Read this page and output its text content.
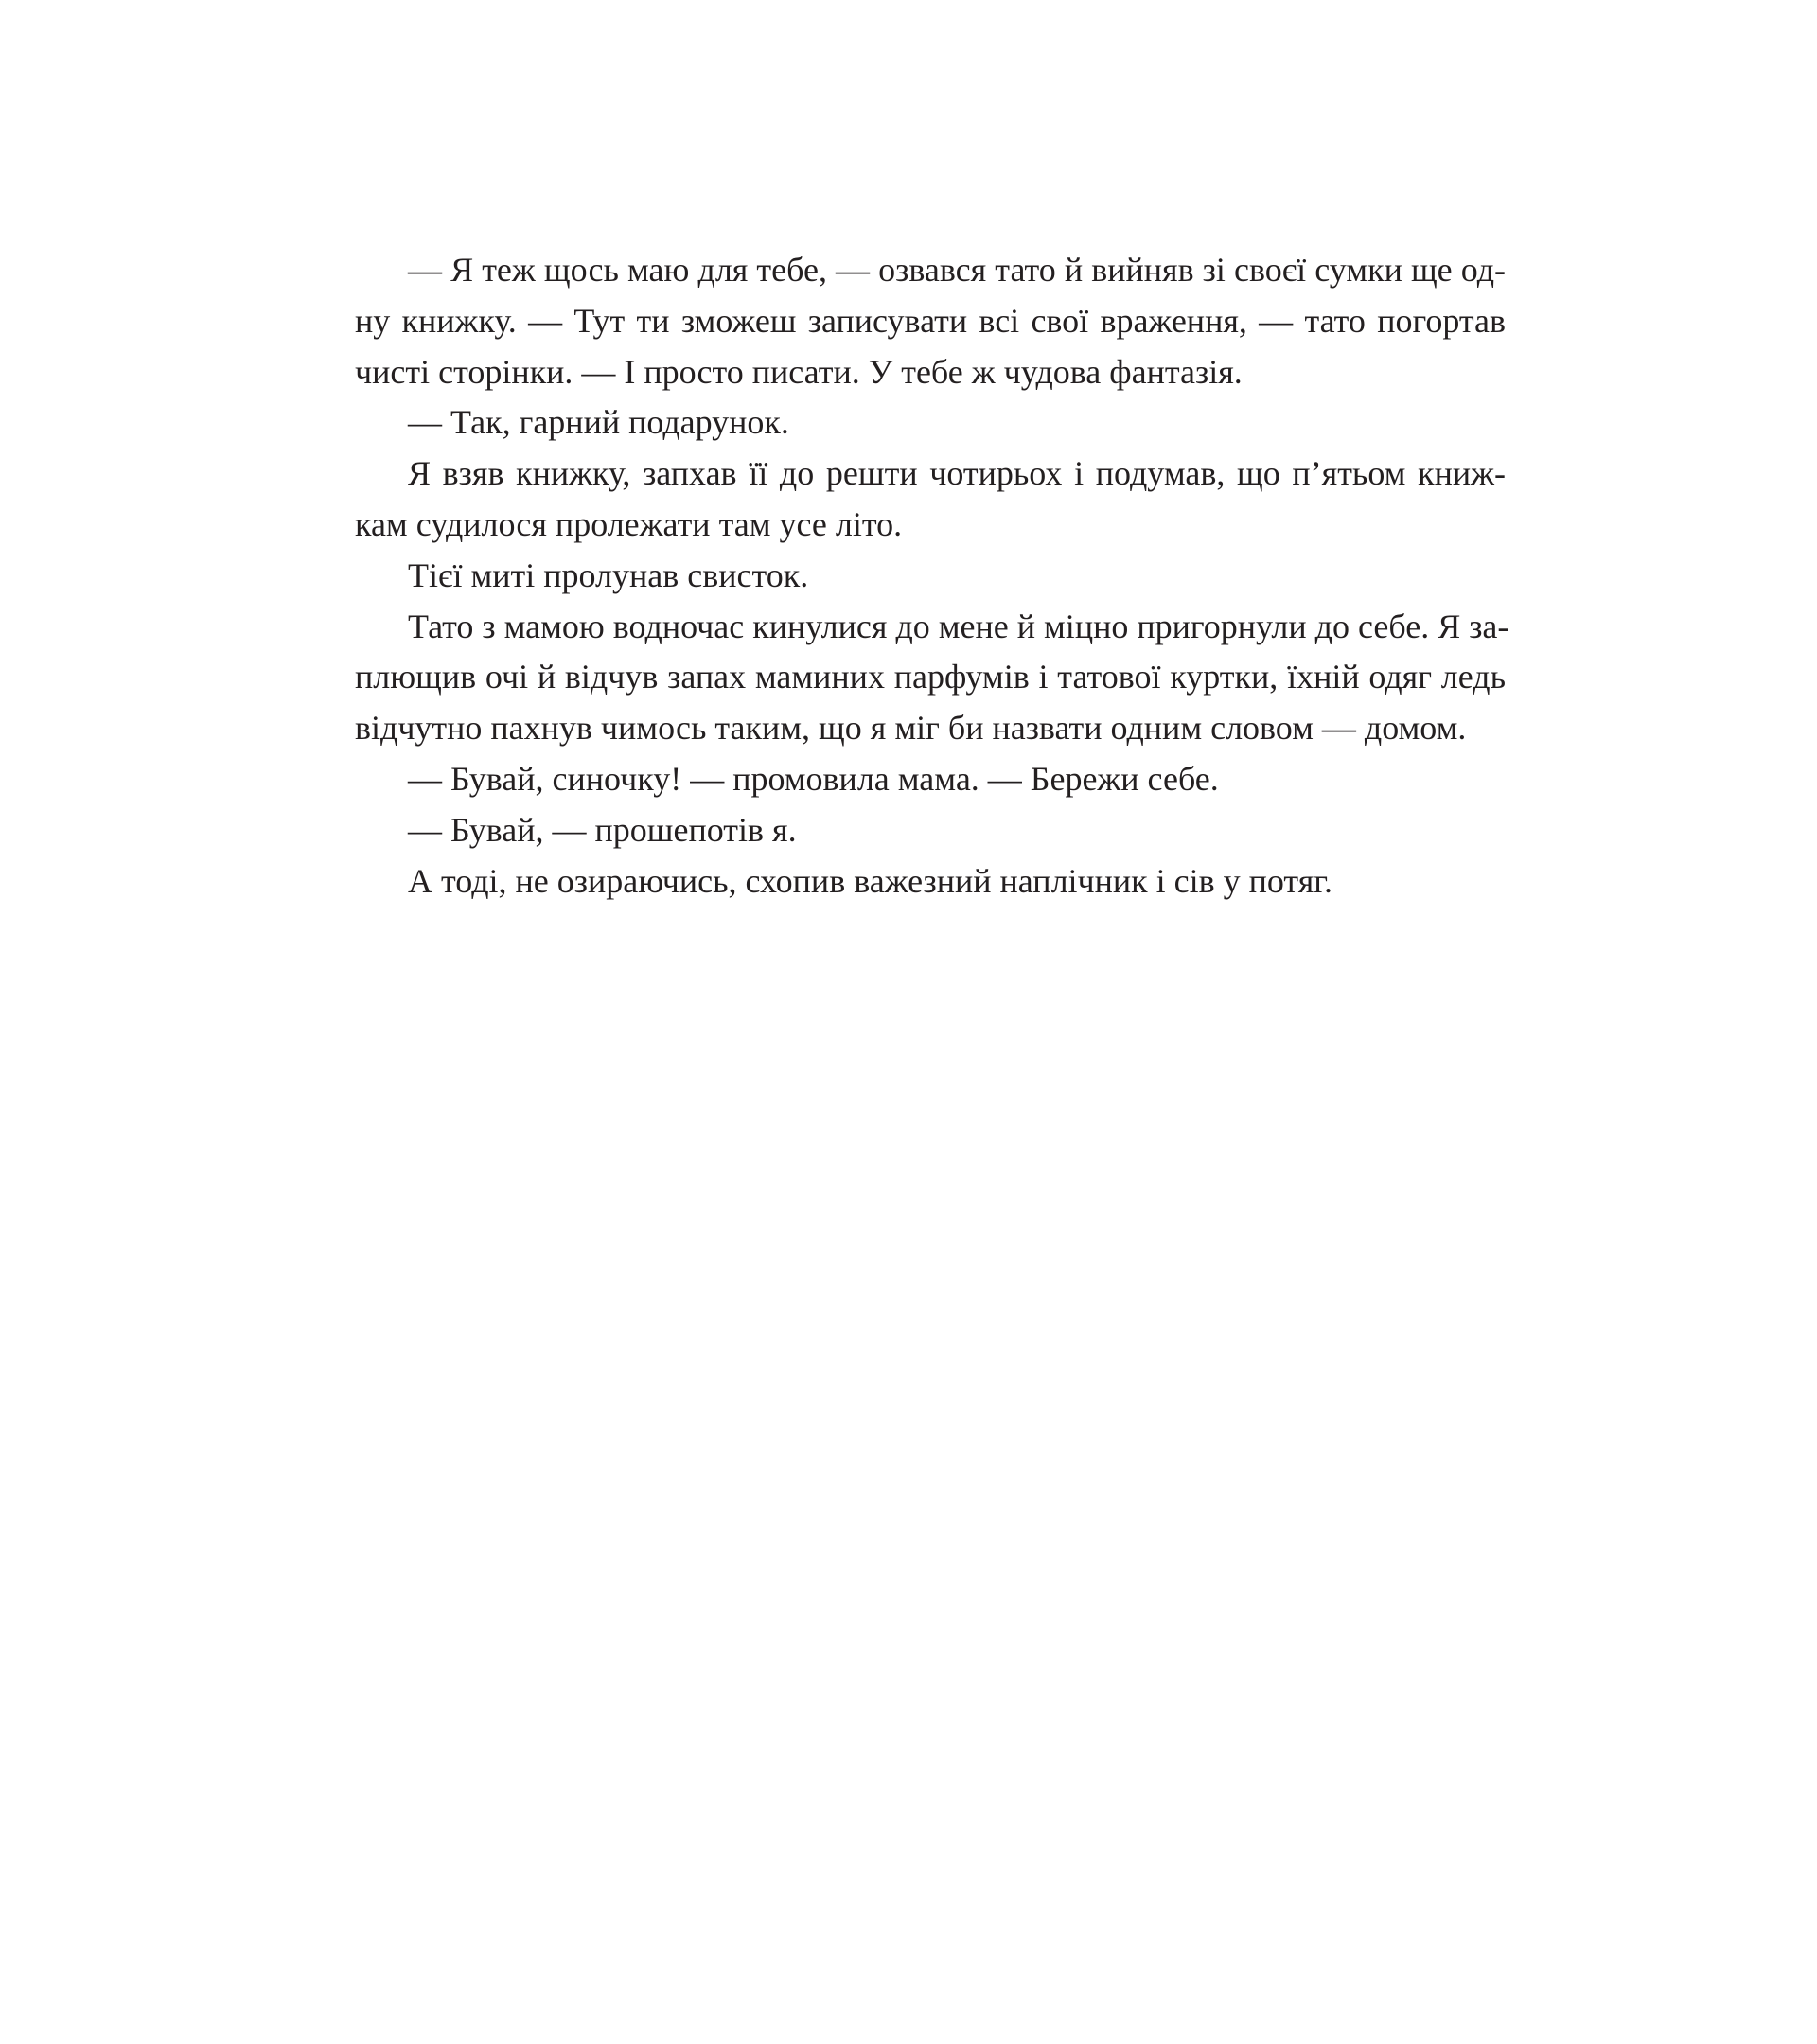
— Я теж щось маю для тебе, — озвався тато й вийняв зі своєї сумки ще од-
ну книжку. — Тут ти зможеш записувати всі свої враження, — тато погортав
чисті сторінки. — І просто писати. У тебе ж чудова фантазія.
— Так, гарний подарунок.
Я взяв книжку, запхав її до решти чотирьох і подумав, що п’ятьом книж-
кам судилося пролежати там усе літо.
Тієї миті пролунав свисток.
Тато з мамою водночас кинулися до мене й міцно пригорнули до себе. Я за-
плющив очі й відчув запах маминих парфумів і татової куртки, їхній одяг ледь
відчутно пахнув чимось таким, що я міг би назвати одним словом — домом.
— Бувай, синочку! — промовила мама. — Бережи себе.
— Бувай, — прошепотів я.
А тоді, не озираючись, схопив важезний наплічник і сів у потяг.
